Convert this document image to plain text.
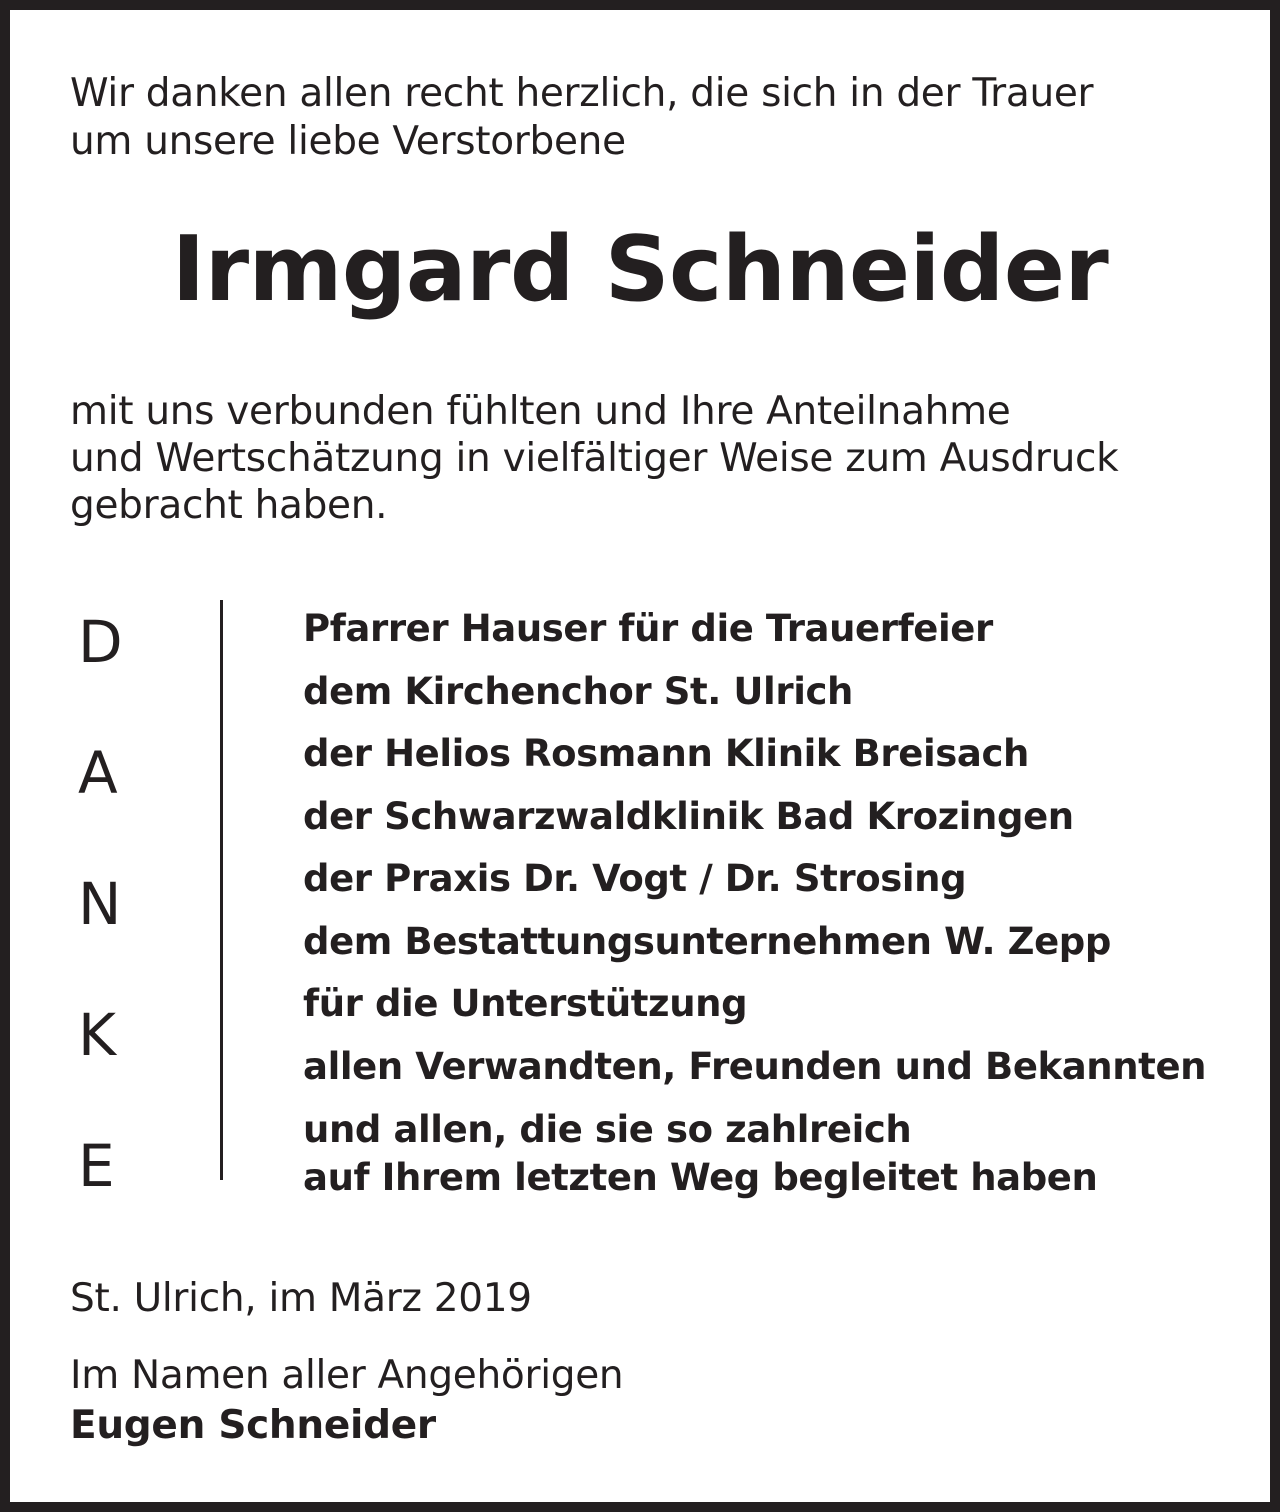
Wir danken allen recht herzlich, die sich in der Trauer
um unsere liebe Verstorbene
Irmgard Schneider
mit uns verbunden fühlten und Ihre Anteilnahme
und Wertschätzung in vielfältiger Weise zum Ausdruck
gebracht haben.
D
A
N
K
E
Pfarrer Hauser für die Trauerfeier
dem Kirchenchor St. Ulrich
der Helios Rosmann Klinik Breisach
der Schwarzwaldklinik Bad Krozingen
der Praxis Dr. Vogt / Dr. Strosing
dem Bestattungsunternehmen W. Zepp
für die Unterstützung
allen Verwandten, Freunden und Bekannten
und allen, die sie so zahlreich
auf Ihrem letzten Weg begleitet haben
St. Ulrich, im März 2019
Im Namen aller Angehörigen
Eugen Schneider
